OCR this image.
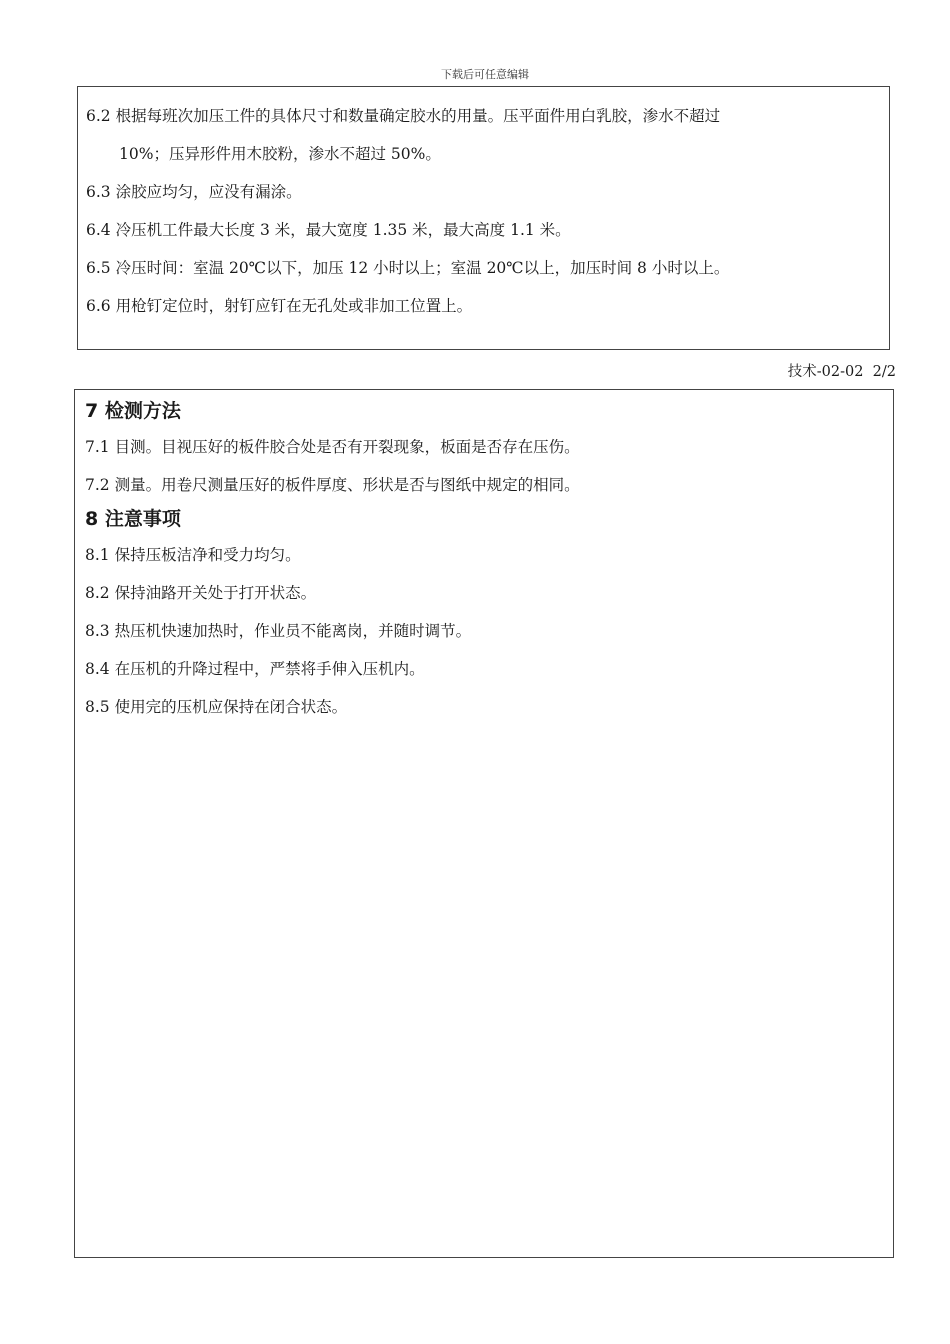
下载后可任意编辑

6.2 根据每班次加压工件的具体尺寸和数量确定胶水的用量。压平面件用白乳胶，渗水不超过

10%；压异形件用木胶粉，渗水不超过 50%。

6.3 涂胶应均匀，应没有漏涂。

6.4 冷压机工件最大长度 3 米，最大宽度 1.35 米，最大高度 1.1 米。

6.5 冷压时间：室温 20℃以下，加压 12 小时以上；室温 20℃以上，加压时间 8 小时以上。

6.6 用枪钉定位时，射钉应钉在无孔处或非加工位置上。

技术-02-02  2/2
7 检测方法

7.1 目测。目视压好的板件胶合处是否有开裂现象，板面是否存在压伤。

7.2 测量。用卷尺测量压好的板件厚度、形状是否与图纸中规定的相同。

8 注意事项

8.1 保持压板洁净和受力均匀。

8.2 保持油路开关处于打开状态。

8.3 热压机快速加热时，作业员不能离岗，并随时调节。

8.4 在压机的升降过程中，严禁将手伸入压机内。

8.5 使用完的压机应保持在闭合状态。
